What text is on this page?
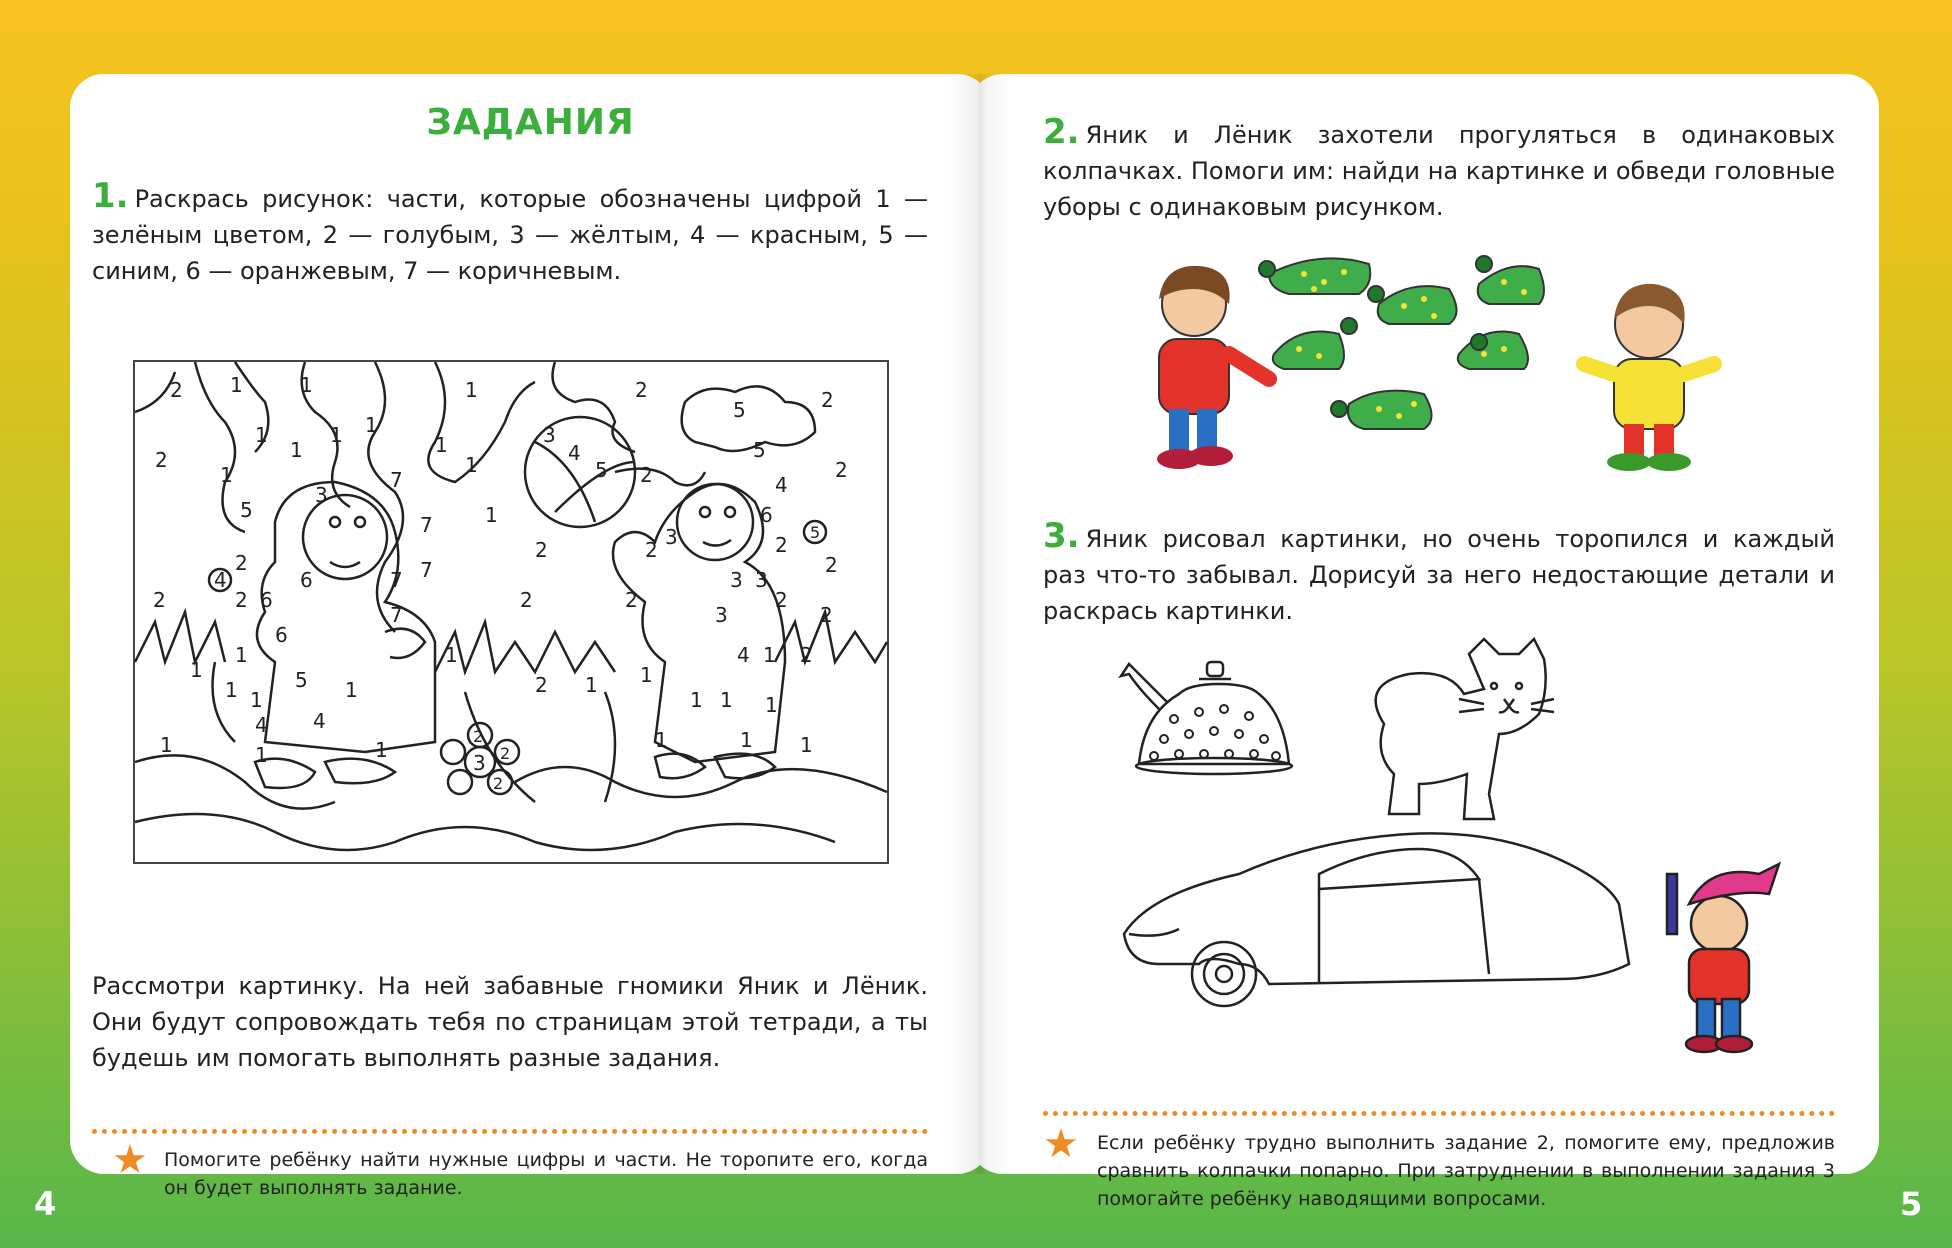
ЗАДАНИЯ
1. Раскрась рисунок: части, которые обозначены цифрой 1 — зелёным цветом, 2 — голубым, 3 — жёлтым, 4 — красным, 5 — синим, 6 — оранжевым, 7 — коричневым.
2 1	1	1
2
1
1
1 1
1
1
1
3
4
5
2
5
5
2
2
2
7
7
3
5	1
4
4
5
6
2
2
7 7
2	2
2
6
3
3
2	6
3
2	2
7
2
2
6
2
1
1	5
1	1	2
3
2
4 1
1 1
4 4
1 1 1
1	1	1	1	1 1
1	1
3
2
2
2
Рассмотри картинку. На ней забавные гномики Яник и Лёник. Они будут сопровождать тебя по страницам этой тетради, а ты будешь им помогать выполнять разные задания.
★ Помогите ребёнку найти нужные цифры и части. Не торопите его, когда он будет выполнять задание.
2. Яник и Лёник захотели прогуляться в одинаковых колпачках. Помоги им: найди на картинке и обведи головные уборы с одинаковым рисунком.
3. Яник рисовал картинки, но очень торопился и каждый раз что-то забывал. Дорисуй за него недостающие детали и раскрась картинки.
★ Если ребёнку трудно выполнить задание 2, помогите ему, предложив сравнить колпачки попарно. При затруднении в выполнении задания 3 помогайте ребёнку наводящими вопросами.
4	5
